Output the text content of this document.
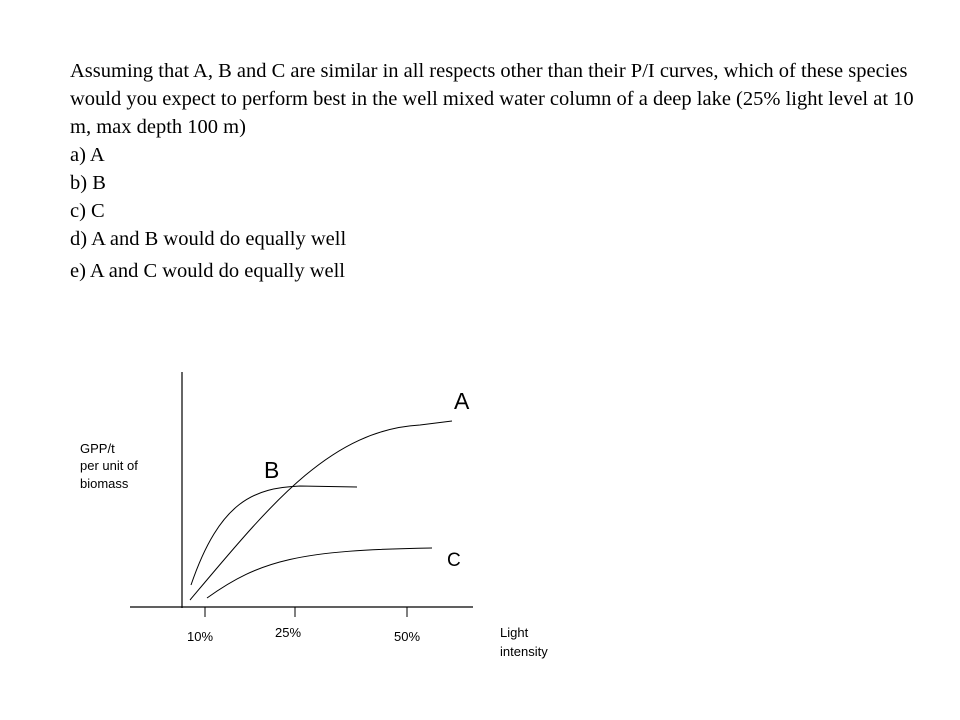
Assuming that A, B and C are similar in all respects other than their P/I curves, which of these species would you expect to perform best in the well mixed water column of a deep lake (25% light level at 10 m, max depth 100 m)

a) A
b) B
c) C
d) A and B would do equally well
e) A and C would do equally well
A
B
C
GPP/t
per unit of
biomass
10%	25%	50%	Light
intensity
